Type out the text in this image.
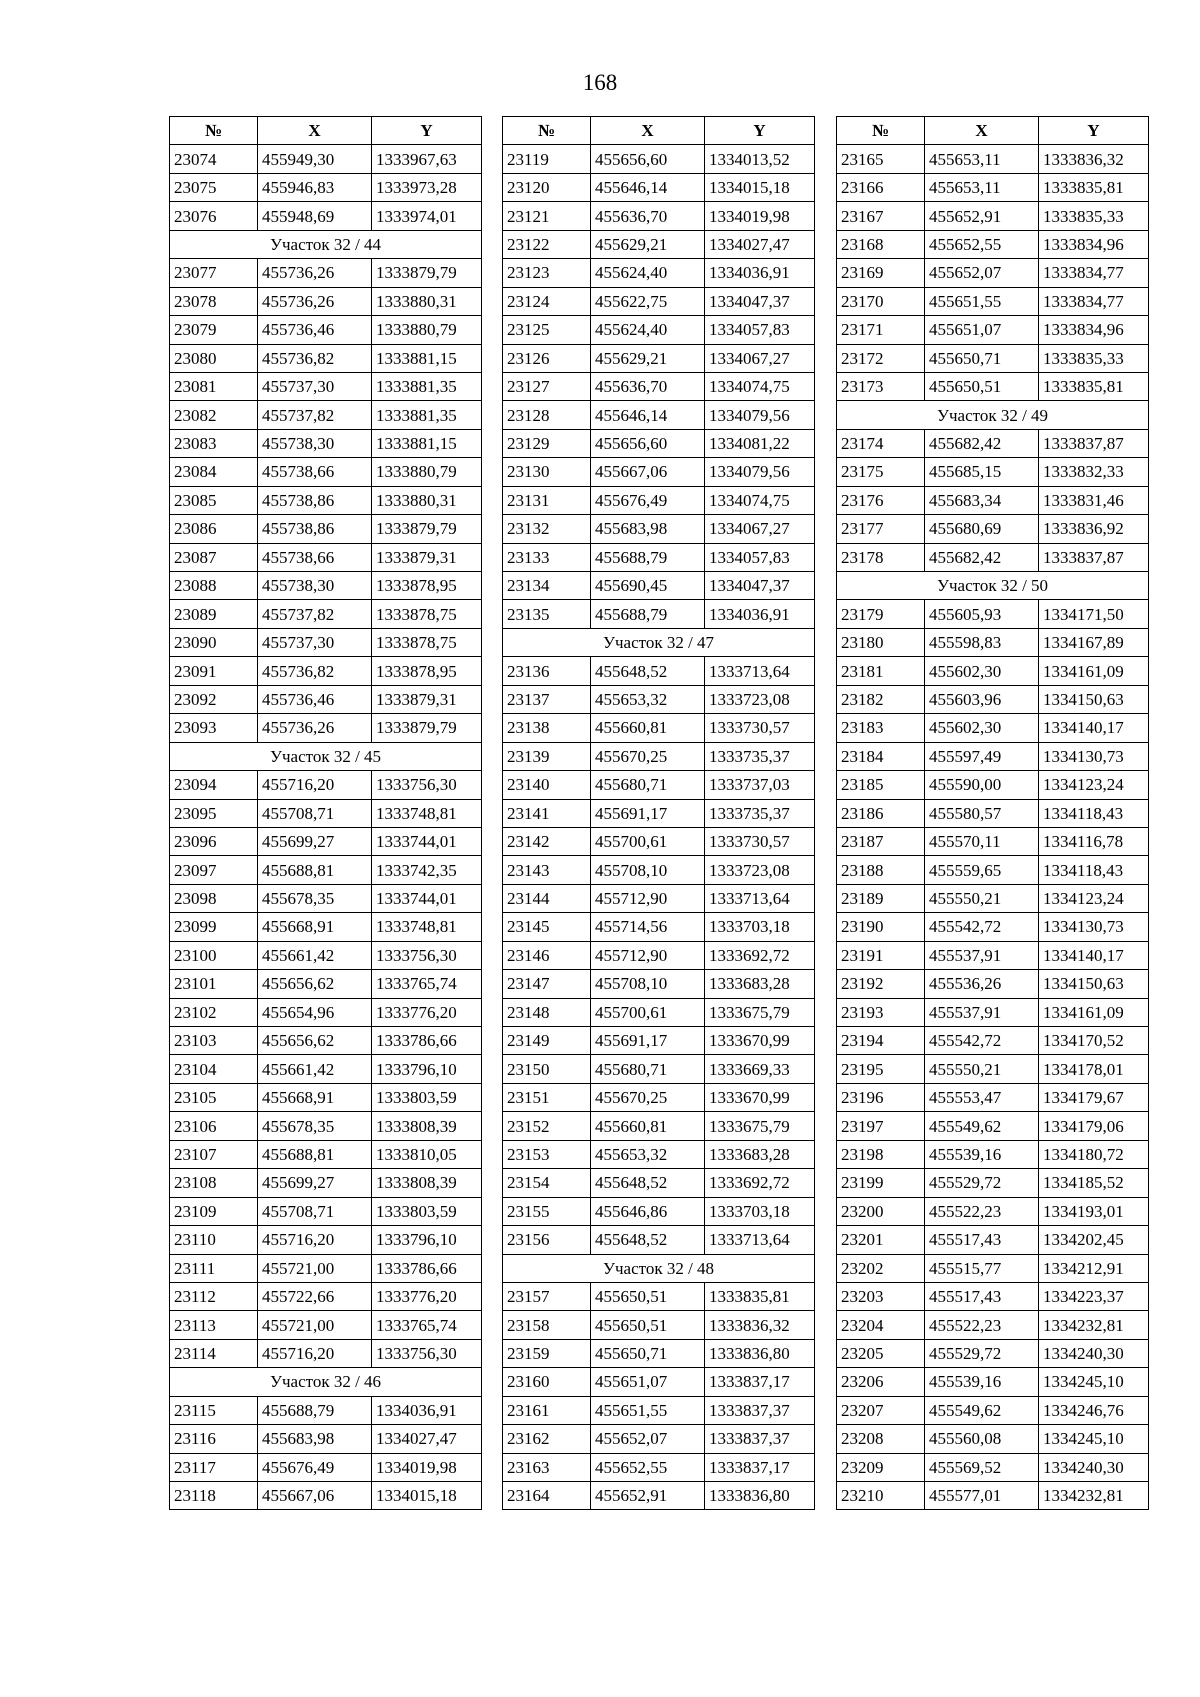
168
№	X	Y
23074	455949,30	1333967,63
23075	455946,83	1333973,28
23076	455948,69	1333974,01
Участок 32 / 44		
23077	455736,26	1333879,79
23078	455736,26	1333880,31
23079	455736,46	1333880,79
23080	455736,82	1333881,15
23081	455737,30	1333881,35
23082	455737,82	1333881,35
23083	455738,30	1333881,15
23084	455738,66	1333880,79
23085	455738,86	1333880,31
23086	455738,86	1333879,79
23087	455738,66	1333879,31
23088	455738,30	1333878,95
23089	455737,82	1333878,75
23090	455737,30	1333878,75
23091	455736,82	1333878,95
23092	455736,46	1333879,31
23093	455736,26	1333879,79
Участок 32 / 45		
23094	455716,20	1333756,30
23095	455708,71	1333748,81
23096	455699,27	1333744,01
23097	455688,81	1333742,35
23098	455678,35	1333744,01
23099	455668,91	1333748,81
23100	455661,42	1333756,30
23101	455656,62	1333765,74
23102	455654,96	1333776,20
23103	455656,62	1333786,66
23104	455661,42	1333796,10
23105	455668,91	1333803,59
23106	455678,35	1333808,39
23107	455688,81	1333810,05
23108	455699,27	1333808,39
23109	455708,71	1333803,59
23110	455716,20	1333796,10
23111	455721,00	1333786,66
23112	455722,66	1333776,20
23113	455721,00	1333765,74
23114	455716,20	1333756,30
Участок 32 / 46		
23115	455688,79	1334036,91
23116	455683,98	1334027,47
23117	455676,49	1334019,98
23118	455667,06	1334015,18
№	X	Y
23119	455656,60	1334013,52
23120	455646,14	1334015,18
23121	455636,70	1334019,98
23122	455629,21	1334027,47
23123	455624,40	1334036,91
23124	455622,75	1334047,37
23125	455624,40	1334057,83
23126	455629,21	1334067,27
23127	455636,70	1334074,75
23128	455646,14	1334079,56
23129	455656,60	1334081,22
23130	455667,06	1334079,56
23131	455676,49	1334074,75
23132	455683,98	1334067,27
23133	455688,79	1334057,83
23134	455690,45	1334047,37
23135	455688,79	1334036,91
Участок 32 / 47		
23136	455648,52	1333713,64
23137	455653,32	1333723,08
23138	455660,81	1333730,57
23139	455670,25	1333735,37
23140	455680,71	1333737,03
23141	455691,17	1333735,37
23142	455700,61	1333730,57
23143	455708,10	1333723,08
23144	455712,90	1333713,64
23145	455714,56	1333703,18
23146	455712,90	1333692,72
23147	455708,10	1333683,28
23148	455700,61	1333675,79
23149	455691,17	1333670,99
23150	455680,71	1333669,33
23151	455670,25	1333670,99
23152	455660,81	1333675,79
23153	455653,32	1333683,28
23154	455648,52	1333692,72
23155	455646,86	1333703,18
23156	455648,52	1333713,64
Участок 32 / 48		
23157	455650,51	1333835,81
23158	455650,51	1333836,32
23159	455650,71	1333836,80
23160	455651,07	1333837,17
23161	455651,55	1333837,37
23162	455652,07	1333837,37
23163	455652,55	1333837,17
23164	455652,91	1333836,80
№	X	Y
23165	455653,11	1333836,32
23166	455653,11	1333835,81
23167	455652,91	1333835,33
23168	455652,55	1333834,96
23169	455652,07	1333834,77
23170	455651,55	1333834,77
23171	455651,07	1333834,96
23172	455650,71	1333835,33
23173	455650,51	1333835,81
Участок 32 / 49		
23174	455682,42	1333837,87
23175	455685,15	1333832,33
23176	455683,34	1333831,46
23177	455680,69	1333836,92
23178	455682,42	1333837,87
Участок 32 / 50		
23179	455605,93	1334171,50
23180	455598,83	1334167,89
23181	455602,30	1334161,09
23182	455603,96	1334150,63
23183	455602,30	1334140,17
23184	455597,49	1334130,73
23185	455590,00	1334123,24
23186	455580,57	1334118,43
23187	455570,11	1334116,78
23188	455559,65	1334118,43
23189	455550,21	1334123,24
23190	455542,72	1334130,73
23191	455537,91	1334140,17
23192	455536,26	1334150,63
23193	455537,91	1334161,09
23194	455542,72	1334170,52
23195	455550,21	1334178,01
23196	455553,47	1334179,67
23197	455549,62	1334179,06
23198	455539,16	1334180,72
23199	455529,72	1334185,52
23200	455522,23	1334193,01
23201	455517,43	1334202,45
23202	455515,77	1334212,91
23203	455517,43	1334223,37
23204	455522,23	1334232,81
23205	455529,72	1334240,30
23206	455539,16	1334245,10
23207	455549,62	1334246,76
23208	455560,08	1334245,10
23209	455569,52	1334240,30
23210	455577,01	1334232,81
